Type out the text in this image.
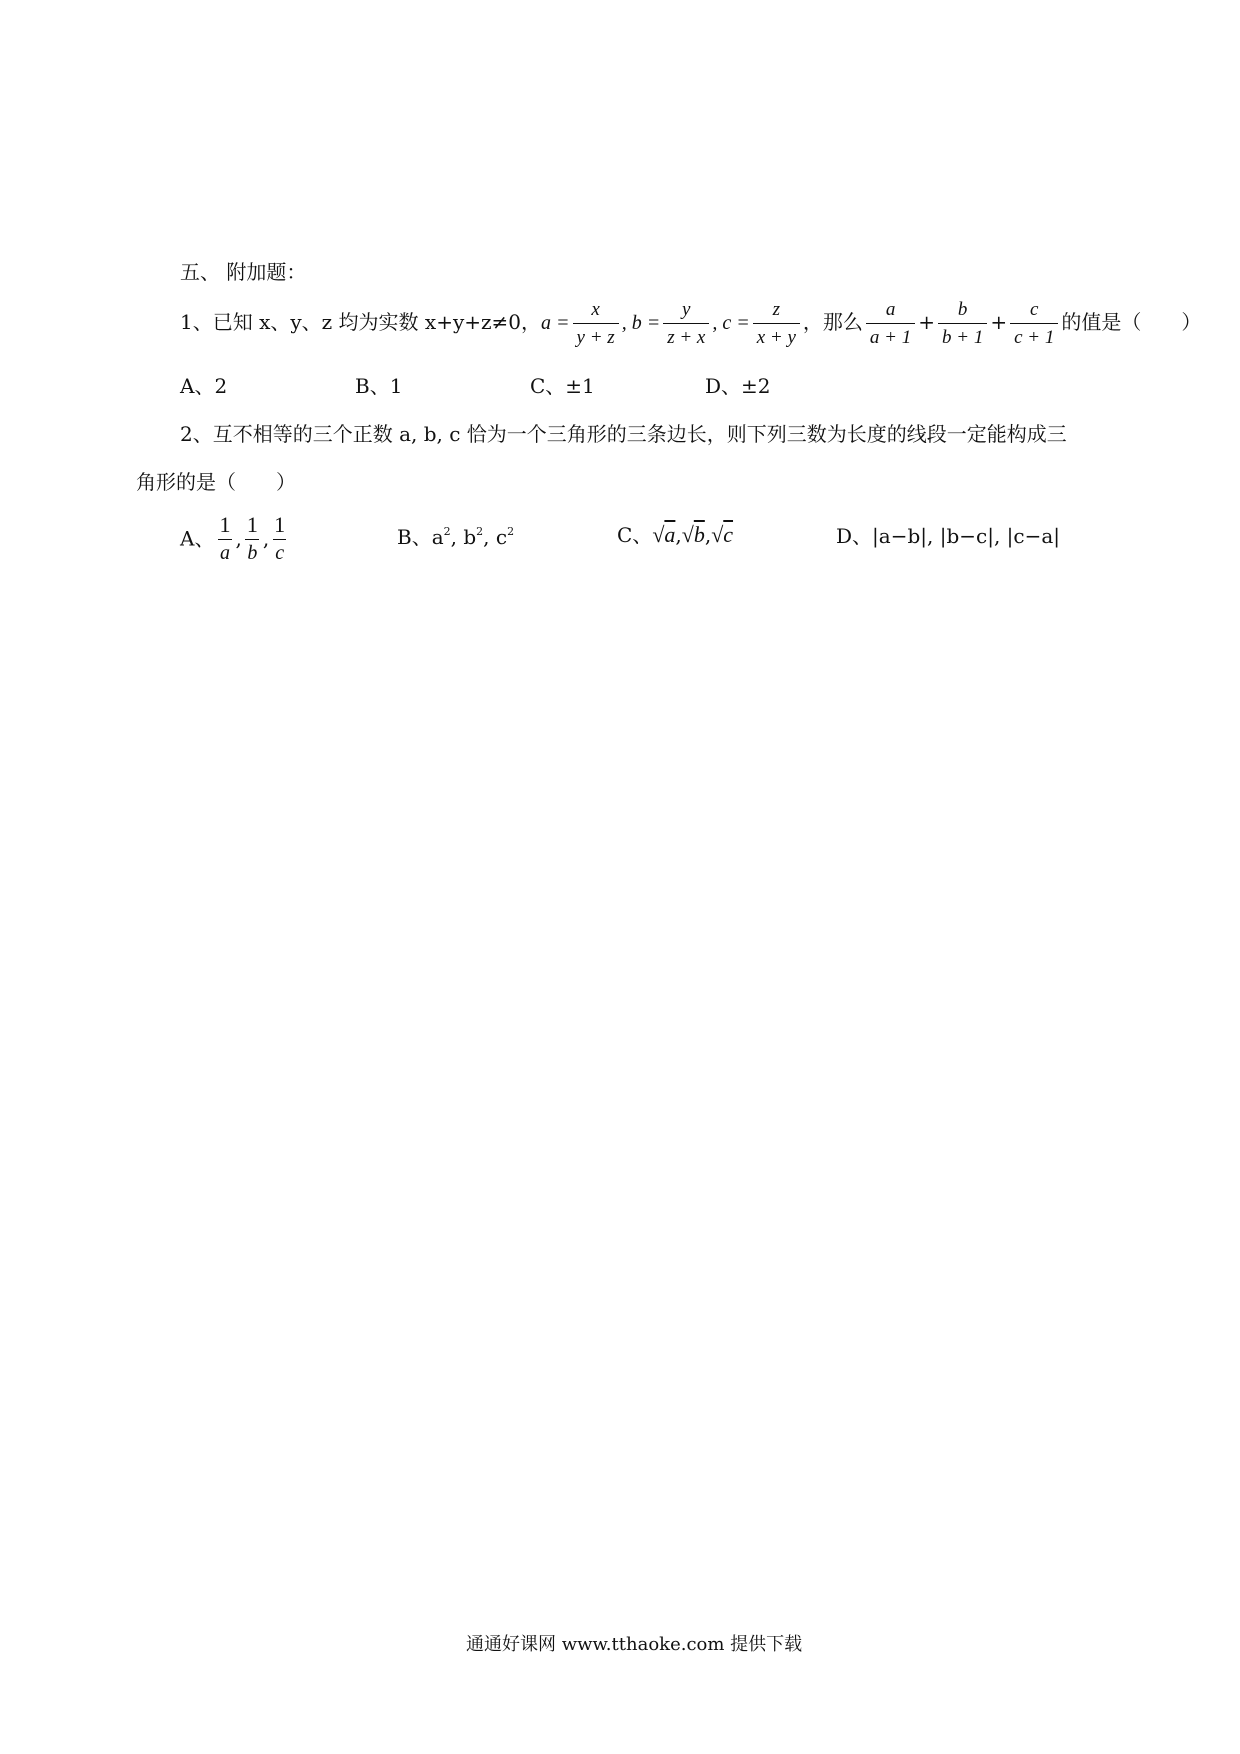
五、 附加题：
1、已知 x、y、z 均为实数 x+y+z≠0，$a = \frac{x}{y + z}$ , $b = \frac{y}{z + x}$ , $c = \frac{z}{x + y}$ ，那么 $\frac{a}{a + 1} + \frac{b}{b + 1} + \frac{c}{c + 1}$ 的值是（　　）
A、2	B、1	C、±1	D、±2
2、互不相等的三个正数 a, b, c 恰为一个三角形的三条边长，则下列三数为长度的线段一定能构成三
角形的是（　　）
A、 $\frac{1}{a}$ , $\frac{1}{b}$ , $\frac{1}{c}$	B、$a^2$, $b^2$, $c^2$	C、√a,√b,√c	D、|a−b|, |b−c|, |c−a|
通通好课网 www.tthaoke.com 提供下载
